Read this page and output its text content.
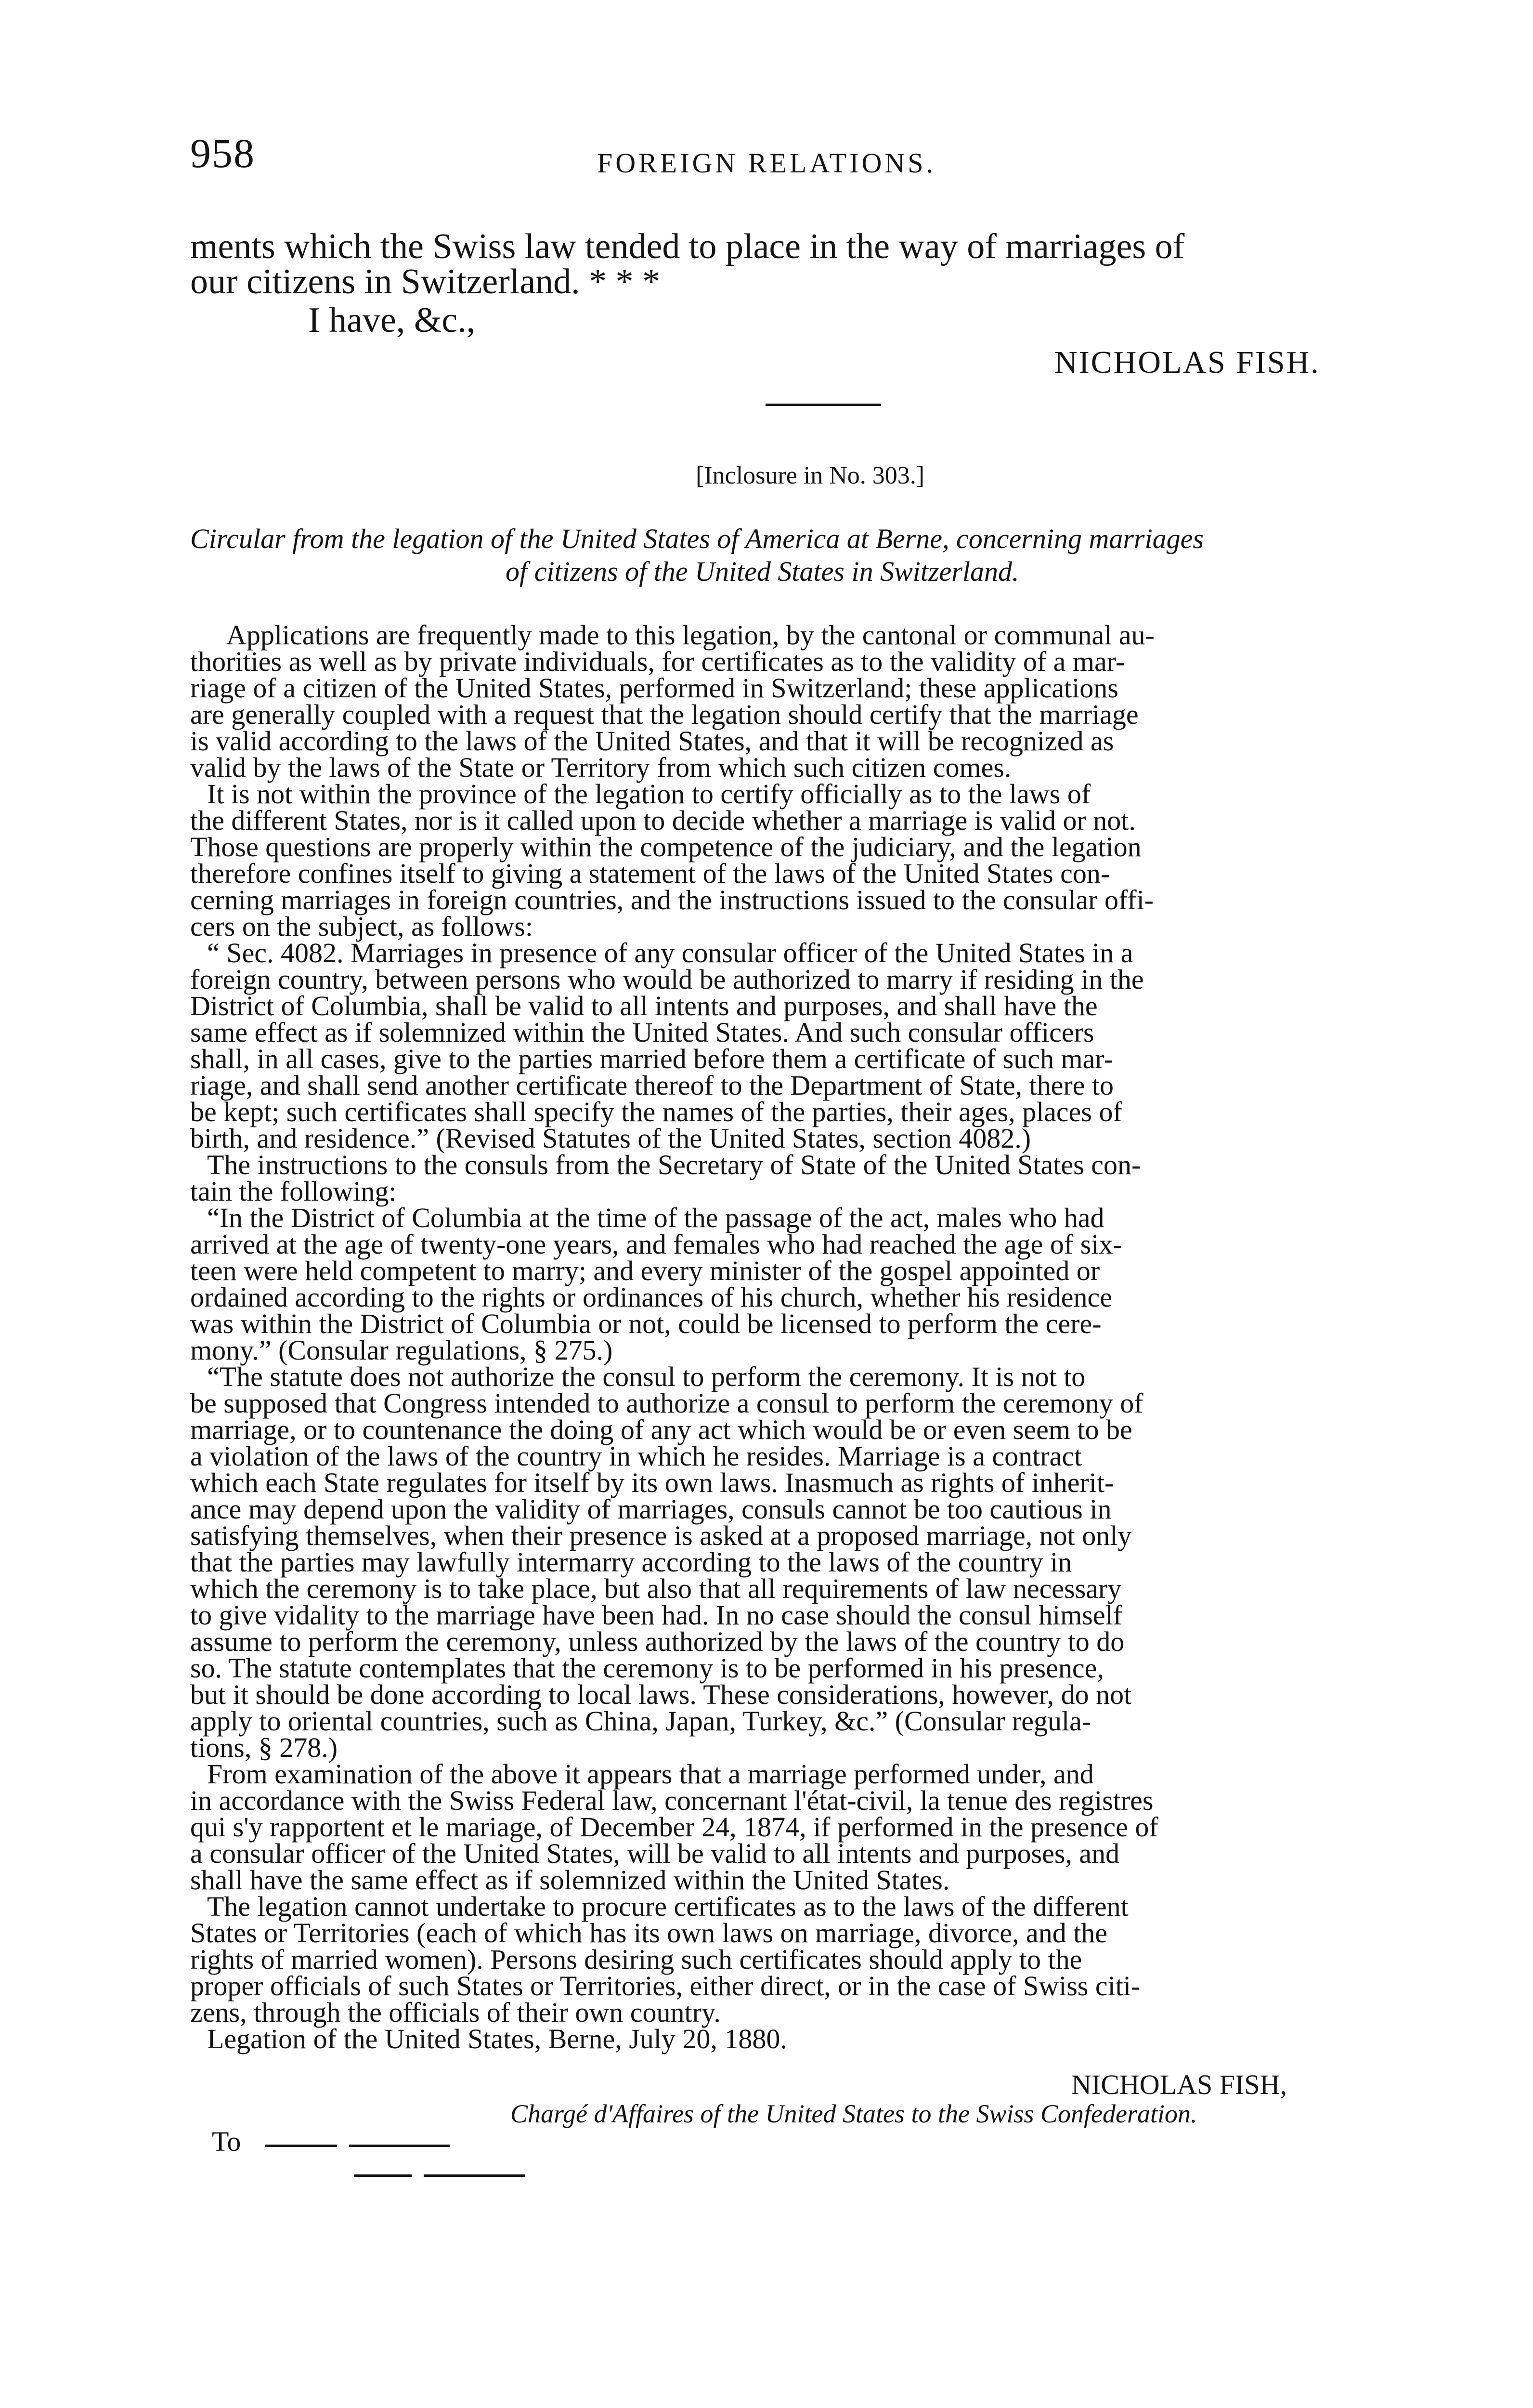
958	FOREIGN RELATIONS.
ments which the Swiss law tended to place in the way of marriages of
our citizens in Switzerland. * * *
I have, &c.,
NICHOLAS FISH.
[Inclosure in No. 303.]
Circular from the legation of the United States of America at Berne, concerning marriages
of citizens of the United States in Switzerland.
Applications are frequently made to this legation, by the cantonal or communal au-
thorities as well as by private individuals, for certificates as to the validity of a mar-
riage of a citizen of the United States, performed in Switzerland; these applications
are generally coupled with a request that the legation should certify that the marriage
is valid according to the laws of the United States, and that it will be recognized as
valid by the laws of the State or Territory from which such citizen comes.
It is not within the province of the legation to certify officially as to the laws of
the different States, nor is it called upon to decide whether a marriage is valid or not.
Those questions are properly within the competence of the judiciary, and the legation
therefore confines itself to giving a statement of the laws of the United States con-
cerning marriages in foreign countries, and the instructions issued to the consular offi-
cers on the subject, as follows:
“ Sec. 4082. Marriages in presence of any consular officer of the United States in a
foreign country, between persons who would be authorized to marry if residing in the
District of Columbia, shall be valid to all intents and purposes, and shall have the
same effect as if solemnized within the United States. And such consular officers
shall, in all cases, give to the parties married before them a certificate of such mar-
riage, and shall send another certificate thereof to the Department of State, there to
be kept; such certificates shall specify the names of the parties, their ages, places of
birth, and residence.” (Revised Statutes of the United States, section 4082.)
The instructions to the consuls from the Secretary of State of the United States con-
tain the following:
“In the District of Columbia at the time of the passage of the act, males who had
arrived at the age of twenty-one years, and females who had reached the age of six-
teen were held competent to marry; and every minister of the gospel appointed or
ordained according to the rights or ordinances of his church, whether his residence
was within the District of Columbia or not, could be licensed to perform the cere-
mony.” (Consular regulations, § 275.)
“The statute does not authorize the consul to perform the ceremony. It is not to
be supposed that Congress intended to authorize a consul to perform the ceremony of
marriage, or to countenance the doing of any act which would be or even seem to be
a violation of the laws of the country in which he resides. Marriage is a contract
which each State regulates for itself by its own laws. Inasmuch as rights of inherit-
ance may depend upon the validity of marriages, consuls cannot be too cautious in
satisfying themselves, when their presence is asked at a proposed marriage, not only
that the parties may lawfully intermarry according to the laws of the country in
which the ceremony is to take place, but also that all requirements of law necessary
to give vidality to the marriage have been had. In no case should the consul himself
assume to perform the ceremony, unless authorized by the laws of the country to do
so. The statute contemplates that the ceremony is to be performed in his presence,
but it should be done according to local laws. These considerations, however, do not
apply to oriental countries, such as China, Japan, Turkey, &c.” (Consular regula-
tions, § 278.)
From examination of the above it appears that a marriage performed under, and
in accordance with the Swiss Federal law, concernant l'état-civil, la tenue des registres
qui s'y rapportent et le mariage, of December 24, 1874, if performed in the presence of
a consular officer of the United States, will be valid to all intents and purposes, and
shall have the same effect as if solemnized within the United States.
The legation cannot undertake to procure certificates as to the laws of the different
States or Territories (each of which has its own laws on marriage, divorce, and the
rights of married women). Persons desiring such certificates should apply to the
proper officials of such States or Territories, either direct, or in the case of Swiss citi-
zens, through the officials of their own country.
Legation of the United States, Berne, July 20, 1880.
NICHOLAS FISH,
Chargé d'Affaires of the United States to the Swiss Confederation.
To
